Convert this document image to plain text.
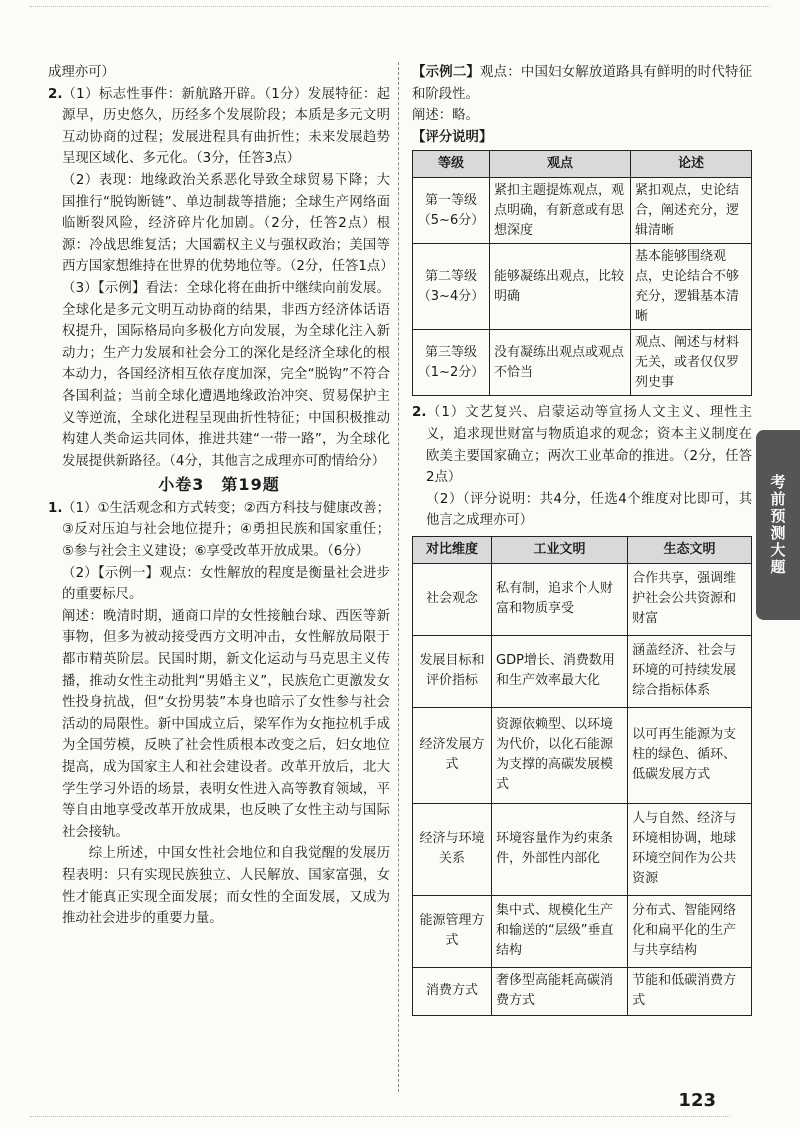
成理亦可）

2.（1）标志性事件：新航路开辟。（1分）发展特征：起源早，历史悠久，历经多个发展阶段；本质是多元文明互动协商的过程；发展进程具有曲折性；未来发展趋势呈现区域化、多元化。（3分，任答3点）

（2）表现：地缘政治关系恶化导致全球贸易下降；大国推行“脱钩断链”、单边制裁等措施；全球生产网络面临断裂风险，经济碎片化加剧。（2分，任答2点）根源：冷战思维复活；大国霸权主义与强权政治；美国等西方国家想维持在世界的优势地位等。（2分，任答1点）

（3）【示例】看法：全球化将在曲折中继续向前发展。全球化是多元文明互动协商的结果，非西方经济体话语权提升，国际格局向多极化方向发展，为全球化注入新动力；生产力发展和社会分工的深化是经济全球化的根本动力，各国经济相互依存度加深，完全“脱钩”不符合各国利益；当前全球化遭遇地缘政治冲突、贸易保护主义等逆流，全球化进程呈现曲折性特征；中国积极推动构建人类命运共同体，推进共建“一带一路”，为全球化发展提供新路径。（4分，其他言之成理亦可酌情给分）

小卷3　第19题

1.（1）①生活观念和方式转变；②西方科技与健康改善；③反对压迫与社会地位提升；④勇担民族和国家重任；⑤参与社会主义建设；⑥享受改革开放成果。（6分）

（2）【示例一】观点：女性解放的程度是衡量社会进步的重要标尺。

阐述：晚清时期，通商口岸的女性接触台球、西医等新事物，但多为被动接受西方文明冲击，女性解放局限于都市精英阶层。民国时期，新文化运动与马克思主义传播，推动女性主动批判“男婚主义”，民族危亡更激发女性投身抗战，但“女扮男装”本身也暗示了女性参与社会活动的局限性。新中国成立后，梁军作为女拖拉机手成为全国劳模，反映了社会性质根本改变之后，妇女地位提高，成为国家主人和社会建设者。改革开放后，北大学生学习外语的场景，表明女性进入高等教育领域，平等自由地享受改革开放成果，也反映了女性主动与国际社会接轨。

综上所述，中国女性社会地位和自我觉醒的发展历程表明：只有实现民族独立、人民解放、国家富强，女性才能真正实现全面发展；而女性的全面发展，又成为推动社会进步的重要力量。

【示例二】观点：中国妇女解放道路具有鲜明的时代特征和阶段性。

阐述：略。

【评分说明】

等级	观点	论述
第一等级
（5~6分）	紧扣主题提炼观点，观点明确，有新意或有思想深度	紧扣观点，史论结合，阐述充分，逻辑清晰
第二等级
（3~4分）	能够凝练出观点，比较明确	基本能够围绕观点，史论结合不够充分，逻辑基本清晰
第三等级
（1~2分）	没有凝练出观点或观点不恰当	观点、阐述与材料无关，或者仅仅罗列史事

2.（1）文艺复兴、启蒙运动等宣扬人文主义、理性主义，追求现世财富与物质追求的观念；资本主义制度在欧美主要国家确立；两次工业革命的推进。（2分，任答2点）

（2）（评分说明：共4分，任选4个维度对比即可，其他言之成理亦可）

对比维度	工业文明	生态文明
社会观念	私有制，追求个人财富和物质享受	合作共享，强调维护社会公共资源和财富
发展目标和评价指标	GDP增长、消费数用和生产效率最大化	涵盖经济、社会与环境的可持续发展综合指标体系
经济发展方式	资源依赖型、以环境为代价，以化石能源为支撑的高碳发展模式	以可再生能源为支柱的绿色、循环、低碳发展方式
经济与环境关系	环境容量作为约束条件，外部性内部化	人与自然、经济与环境相协调，地球环境空间作为公共资源
能源管理方式	集中式、规模化生产和输送的“层级”垂直结构	分布式、智能网络化和扁平化的生产与共享结构
消费方式	奢侈型高能耗高碳消费方式	节能和低碳消费方式
考前预测大题
123
